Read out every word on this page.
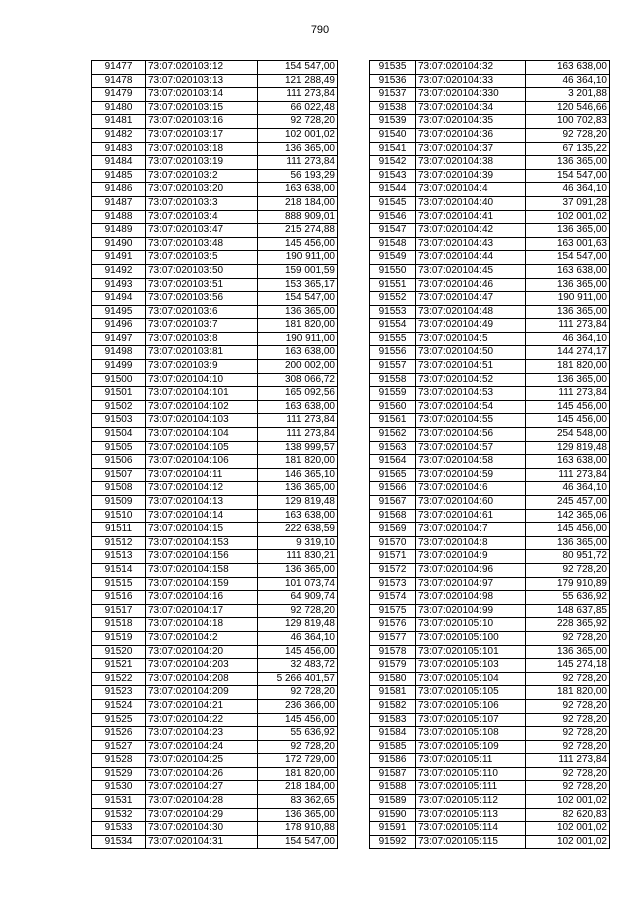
790
91477	73:07:020103:12	154 547,00
91478	73:07:020103:13	121 288,49
91479	73:07:020103:14	111 273,84
91480	73:07:020103:15	66 022,48
91481	73:07:020103:16	92 728,20
91482	73:07:020103:17	102 001,02
91483	73:07:020103:18	136 365,00
91484	73:07:020103:19	111 273,84
91485	73:07:020103:2	56 193,29
91486	73:07:020103:20	163 638,00
91487	73:07:020103:3	218 184,00
91488	73:07:020103:4	888 909,01
91489	73:07:020103:47	215 274,88
91490	73:07:020103:48	145 456,00
91491	73:07:020103:5	190 911,00
91492	73:07:020103:50	159 001,59
91493	73:07:020103:51	153 365,17
91494	73:07:020103:56	154 547,00
91495	73:07:020103:6	136 365,00
91496	73:07:020103:7	181 820,00
91497	73:07:020103:8	190 911,00
91498	73:07:020103:81	163 638,00
91499	73:07:020103:9	200 002,00
91500	73:07:020104:10	308 066,72
91501	73:07:020104:101	165 092,56
91502	73:07:020104:102	163 638,00
91503	73:07:020104:103	111 273,84
91504	73:07:020104:104	111 273,84
91505	73:07:020104:105	138 999,57
91506	73:07:020104:106	181 820,00
91507	73:07:020104:11	146 365,10
91508	73:07:020104:12	136 365,00
91509	73:07:020104:13	129 819,48
91510	73:07:020104:14	163 638,00
91511	73:07:020104:15	222 638,59
91512	73:07:020104:153	9 319,10
91513	73:07:020104:156	111 830,21
91514	73:07:020104:158	136 365,00
91515	73:07:020104:159	101 073,74
91516	73:07:020104:16	64 909,74
91517	73:07:020104:17	92 728,20
91518	73:07:020104:18	129 819,48
91519	73:07:020104:2	46 364,10
91520	73:07:020104:20	145 456,00
91521	73:07:020104:203	32 483,72
91522	73:07:020104:208	5 266 401,57
91523	73:07:020104:209	92 728,20
91524	73:07:020104:21	236 366,00
91525	73:07:020104:22	145 456,00
91526	73:07:020104:23	55 636,92
91527	73:07:020104:24	92 728,20
91528	73:07:020104:25	172 729,00
91529	73:07:020104:26	181 820,00
91530	73:07:020104:27	218 184,00
91531	73:07:020104:28	83 362,65
91532	73:07:020104:29	136 365,00
91533	73:07:020104:30	178 910,88
91534	73:07:020104:31	154 547,00
91535	73:07:020104:32	163 638,00
91536	73:07:020104:33	46 364,10
91537	73:07:020104:330	3 201,88
91538	73:07:020104:34	120 546,66
91539	73:07:020104:35	100 702,83
91540	73:07:020104:36	92 728,20
91541	73:07:020104:37	67 135,22
91542	73:07:020104:38	136 365,00
91543	73:07:020104:39	154 547,00
91544	73:07:020104:4	46 364,10
91545	73:07:020104:40	37 091,28
91546	73:07:020104:41	102 001,02
91547	73:07:020104:42	136 365,00
91548	73:07:020104:43	163 001,63
91549	73:07:020104:44	154 547,00
91550	73:07:020104:45	163 638,00
91551	73:07:020104:46	136 365,00
91552	73:07:020104:47	190 911,00
91553	73:07:020104:48	136 365,00
91554	73:07:020104:49	111 273,84
91555	73:07:020104:5	46 364,10
91556	73:07:020104:50	144 274,17
91557	73:07:020104:51	181 820,00
91558	73:07:020104:52	136 365,00
91559	73:07:020104:53	111 273,84
91560	73:07:020104:54	145 456,00
91561	73:07:020104:55	145 456,00
91562	73:07:020104:56	254 548,00
91563	73:07:020104:57	129 819,48
91564	73:07:020104:58	163 638,00
91565	73:07:020104:59	111 273,84
91566	73:07:020104:6	46 364,10
91567	73:07:020104:60	245 457,00
91568	73:07:020104:61	142 365,06
91569	73:07:020104:7	145 456,00
91570	73:07:020104:8	136 365,00
91571	73:07:020104:9	80 951,72
91572	73:07:020104:96	92 728,20
91573	73:07:020104:97	179 910,89
91574	73:07:020104:98	55 636,92
91575	73:07:020104:99	148 637,85
91576	73:07:020105:10	228 365,92
91577	73:07:020105:100	92 728,20
91578	73:07:020105:101	136 365,00
91579	73:07:020105:103	145 274,18
91580	73:07:020105:104	92 728,20
91581	73:07:020105:105	181 820,00
91582	73:07:020105:106	92 728,20
91583	73:07:020105:107	92 728,20
91584	73:07:020105:108	92 728,20
91585	73:07:020105:109	92 728,20
91586	73:07:020105:11	111 273,84
91587	73:07:020105:110	92 728,20
91588	73:07:020105:111	92 728,20
91589	73:07:020105:112	102 001,02
91590	73:07:020105:113	82 620,83
91591	73:07:020105:114	102 001,02
91592	73:07:020105:115	102 001,02
